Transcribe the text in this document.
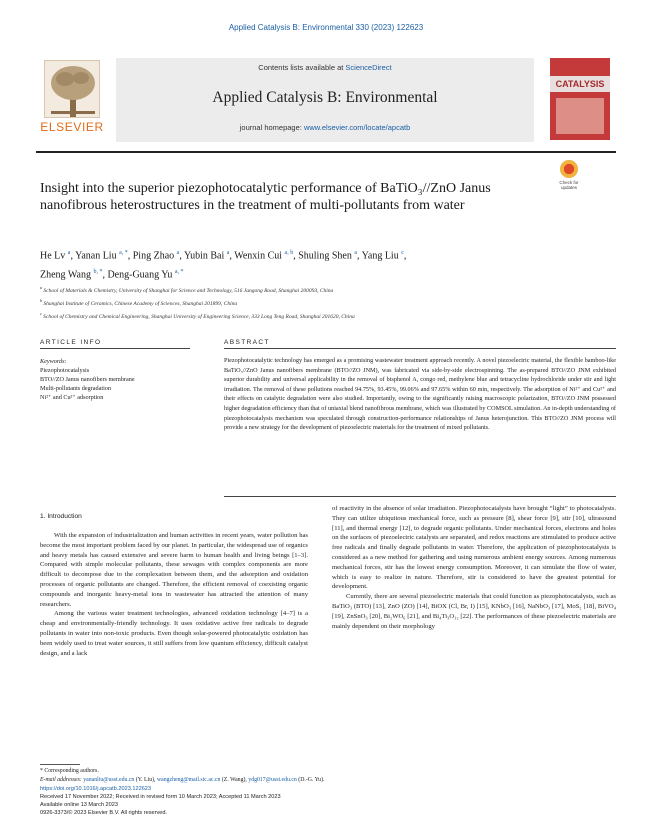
Applied Catalysis B: Environmental 330 (2023) 122623
ELSEVIER
Contents lists available at ScienceDirect
Applied Catalysis B: Environmental
journal homepage: www.elsevier.com/locate/apcatb
CATALYSIS
Check for updates
Insight into the superior piezophotocatalytic performance of BaTiO₃//ZnO Janus nanofibrous heterostructures in the treatment of multi-pollutants from water
He Lv $^a$, Yanan Liu $^{a, *}$, Ping Zhao $^a$, Yubin Bai $^a$, Wenxin Cui $^{a, b}$, Shuling Shen $^a$, Yang Liu $^c$,
Zheng Wang $^{b, *}$, Deng-Guang Yu $^{a, *}$
$^a$ School of Materials & Chemistry, University of Shanghai for Science and Technology, 516 Jungong Road, Shanghai 200093, China
$^b$ Shanghai Institute of Ceramics, Chinese Academy of Sciences, Shanghai 201899, China
$^c$ School of Chemistry and Chemical Engineering, Shanghai University of Engineering Science, 333 Long Teng Road, Shanghai 201620, China
ARTICLE INFO	ABSTRACT
Keywords:
Piezophotocatalysis
BTO//ZO Janus nanofibers membrane
Multi-pollutants degradation
Ni²⁺ and Cu²⁺ adsorption
Piezophotocatalytic technology has emerged as a promising wastewater treatment approach recently. A novel piezoelectric material, the flexible bamboo-like BaTiO₃//ZnO Janus nanofibers membrane (BTO//ZO JNM), was fabricated via side-by-side electrospinning. The as-prepared BTO//ZO JNM exhibited superior durability and universal applicability in the removal of bisphenol A, congo red, methylene blue and tetracycline hydrochloride under stir and light irradiation. The removal of these pollutions reached 94.75%, 93.45%, 99.06% and 97.65% within 60 min, respectively. The adsorption of Ni²⁺ and Cu²⁺ and their effects on catalytic degradation were also studied. Importantly, owing to the significantly raising macroscopic polarization, BTO//ZO JNM possessed higher degradation efficiency than that of uniaxial blend nanofibrous membrane, which was illustrated by COMSOL simulation. An in-depth understanding of piezophotocatalysis mechanism was speculated through construction-performance relationships of Janus heterojunction. This BTO//ZO JNM process will provide a new strategy for the development of piezoelectric materials for the treatment of mixed pollutants.
1. Introduction

With the expansion of industrialization and human activities in recent years, water pollution has become the most important problem faced by our planet. In particular, the widespread use of organics and heavy metals has caused extensive and severe harm to human health and living beings [1–3]. Compared with simple molecular pollutants, these sewages with complex components are more difficult to decompose due to the complexation between them, and the adsorption and oxidation processes of organic pollutants are changed. Therefore, the efficient removal of coexisting organic compounds and inorganic heavy-metal ions in wastewater has attracted the attention of many researchers.

Among the various water treatment technologies, advanced oxidation technology [4–7] is a cheap and environmentally-friendly technology. It uses oxidative active free radicals to degrade pollutants in water into non-toxic products. Even though solar-powered photocatalytic oxidation has been widely used to treat water sources, it still suffers from low quantum efficiency, difficult catalyst design, and a lack

of reactivity in the absence of solar irradiation. Piezophotocatalysts have brought “light” to photocatalysts. They can utilize ubiquitous mechanical force, such as pressure [8], shear force [9], stir [10], ultrasound [11], and thermal energy [12], to degrade organic pollutants. Under mechanical forces, electrons and holes on the surfaces of piezoelectric catalysts are separated, and redox reactions are stimulated to produce active free radicals and finally degrade pollutants in water. Therefore, the application of piezophotocatalysts is considered as a new method for gathering and using numerous ambient energy sources. Among numerous mechanical forces, stir has the lowest energy consumption. Moreover, it can simulate the flow of water, which is easy to realize in nature. Therefore, stir is considered to have the greatest potential for development.

Currently, there are several piezoelectric materials that could function as piezophotocatalysts, such as BaTiO₃ (BTO) [13], ZnO (ZO) [14], BiOX (Cl, Br, I) [15], KNbO₃ [16], NaNbO₃ [17], MoS₂ [18], BiVO₄ [19], ZnSnO₃ [20], Bi₂WO₆ [21], and Bi₄Ti₃O₁₂ [22]. The performances of these piezoelectric materials are mainly dependent on their morphology

* Corresponding authors.
E-mail addresses: yananliu@usst.edu.cn (Y. Liu), wangzheng@mail.sic.ac.cn (Z. Wang), ydg017@usst.edu.cn (D.-G. Yu).
https://doi.org/10.1016/j.apcatb.2023.122623
Received 17 November 2022; Received in revised form 10 March 2023; Accepted 11 March 2023
Available online 13 March 2023
0926-3373/© 2023 Elsevier B.V. All rights reserved.
